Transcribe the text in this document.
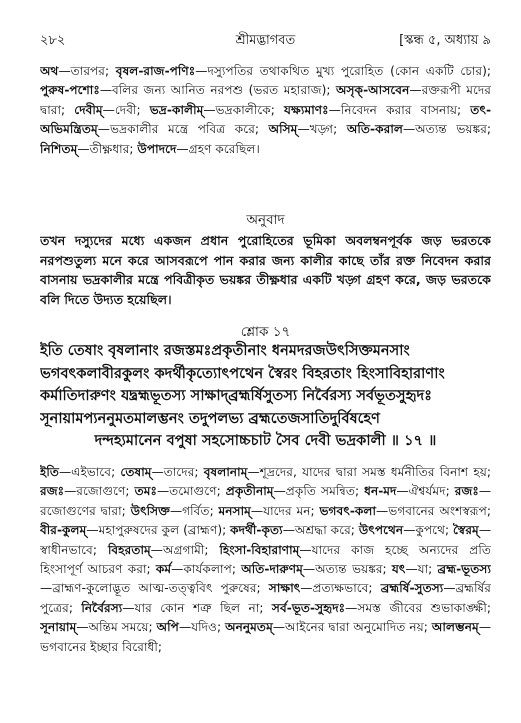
২৮২	শ্রীমদ্ভাগবত	[স্কন্ধ ৫, অধ্যায় ৯
অথ—তারপর; বৃষল-রাজ-পণিঃ—দস্যুপতির তথাকথিত মুখ্য পুরোহিত (কোন একটি চোর); পুরুষ-পশোঃ—বলির জন্য আনিত নরপশু (ভরত মহারাজ); অসৃক্‌-আসবেন—রক্তরূপী মদের দ্বারা; দেবীম্‌—দেবী; ভদ্র-কালীম্‌—ভদ্রকালীকে; যক্ষ্যমাণঃ—নিবেদন করার বাসনায়; তৎ-অভিমন্ত্রিতম্‌—ভদ্রকালীর মন্ত্রে পবিত্র করে; অসিম্‌—খড়্গ; অতি-করাল—অত্যন্ত ভয়ঙ্কর; নিশিতম্‌—তীক্ষ্ণধার; উপাদদে—গ্রহণ করেছিল।
অনুবাদ
তখন দস্যুদের মধ্যে একজন প্রধান পুরোহিতের ভূমিকা অবলম্বনপূর্বক জড় ভরতকে নরপশুতুল্য মনে করে আসবরূপে পান করার জন্য কালীর কাছে তাঁর রক্ত নিবেদন করার বাসনায় ভদ্রকালীর মন্ত্রে পবিত্রীকৃত ভয়ঙ্কর তীক্ষ্ণধার একটি খড়্গ গ্রহণ করে, জড় ভরতকে বলি দিতে উদ্যত হয়েছিল।
শ্লোক ১৭
ইতি তেষাং বৃষলানাং রজস্তমঃপ্রকৃতীনাং ধনমদরজউৎসিক্তমনসাং
ভগবৎকলাবীরকুলং কদর্থীকৃত্যোৎপথেন স্বৈরং বিহরতাং হিংসাবিহারাণাং
কর্মাতিদারুণং যদ্ব্রহ্মভূতস্য সাক্ষাদ্‌ব্রহ্মর্ষিসুতস্য নির্বৈরস্য সর্বভূতসুহৃদঃ
সূনায়ামপ্যননুমতমালম্ভনং তদুপলভ্য ব্রহ্মতেজসাতিদুর্বিষহেণ
দন্দহ্যমানেন বপুষা সহসোচ্চচাট সৈব দেবী ভদ্রকালী ॥ ১৭ ॥
ইতি—এইভাবে; তেষাম্‌—তাদের; বৃষলানাম্‌—শূদ্রদের, যাদের দ্বারা সমস্ত ধর্মনীতির বিনাশ হয়; রজঃ—রজোগুণে; তমঃ—তমোগুণে; প্রকৃতীনাম্‌—প্রকৃতি সমন্বিত; ধন-মদ—ঐশ্বর্যমদ; রজঃ—রজোগুণের দ্বারা; উৎসিক্ত—গর্বিত; মনসাম্‌—যাদের মন; ভগবৎ-কলা—ভগবানের অংশস্বরূপ; বীর-কুলম্‌—মহাপুরুষদের কুল (ব্রাহ্মণ); কদর্থী-কৃত্য—অশ্রদ্ধা করে; উৎপথেন—কুপথে; স্বৈরম্‌—স্বাধীনভাবে; বিহরতাম্‌—অগ্রগামী; হিংসা-বিহারাণাম্‌—যাদের কাজ হচ্ছে অন্যদের প্রতি হিংসাপূর্ণ আচরণ করা; কর্ম—কার্যকলাপ; অতি-দারুণম্‌—অত্যন্ত ভয়ঙ্কর; যৎ—যা; ব্রহ্ম-ভূতস্য—ব্রাহ্মণ-কুলোদ্ভূত আত্ম-তত্ত্ববিৎ পুরুষের; সাক্ষাৎ—প্রত্যক্ষভাবে; ব্রহ্মর্ষি-সুতস্য—ব্রহ্মর্ষির পুত্রের; নির্বৈরস্য—যার কোন শত্রু ছিল না; সর্ব-ভূত-সুহৃদঃ—সমস্ত জীবের শুভাকাঙ্ক্ষী; সূনায়াম্‌—অন্তিম সময়ে; অপি—যদিও; অননুমতম্‌—আইনের দ্বারা অনুমোদিত নয়; আলম্ভনম্‌—ভগবানের ইচ্ছার বিরোধী;
